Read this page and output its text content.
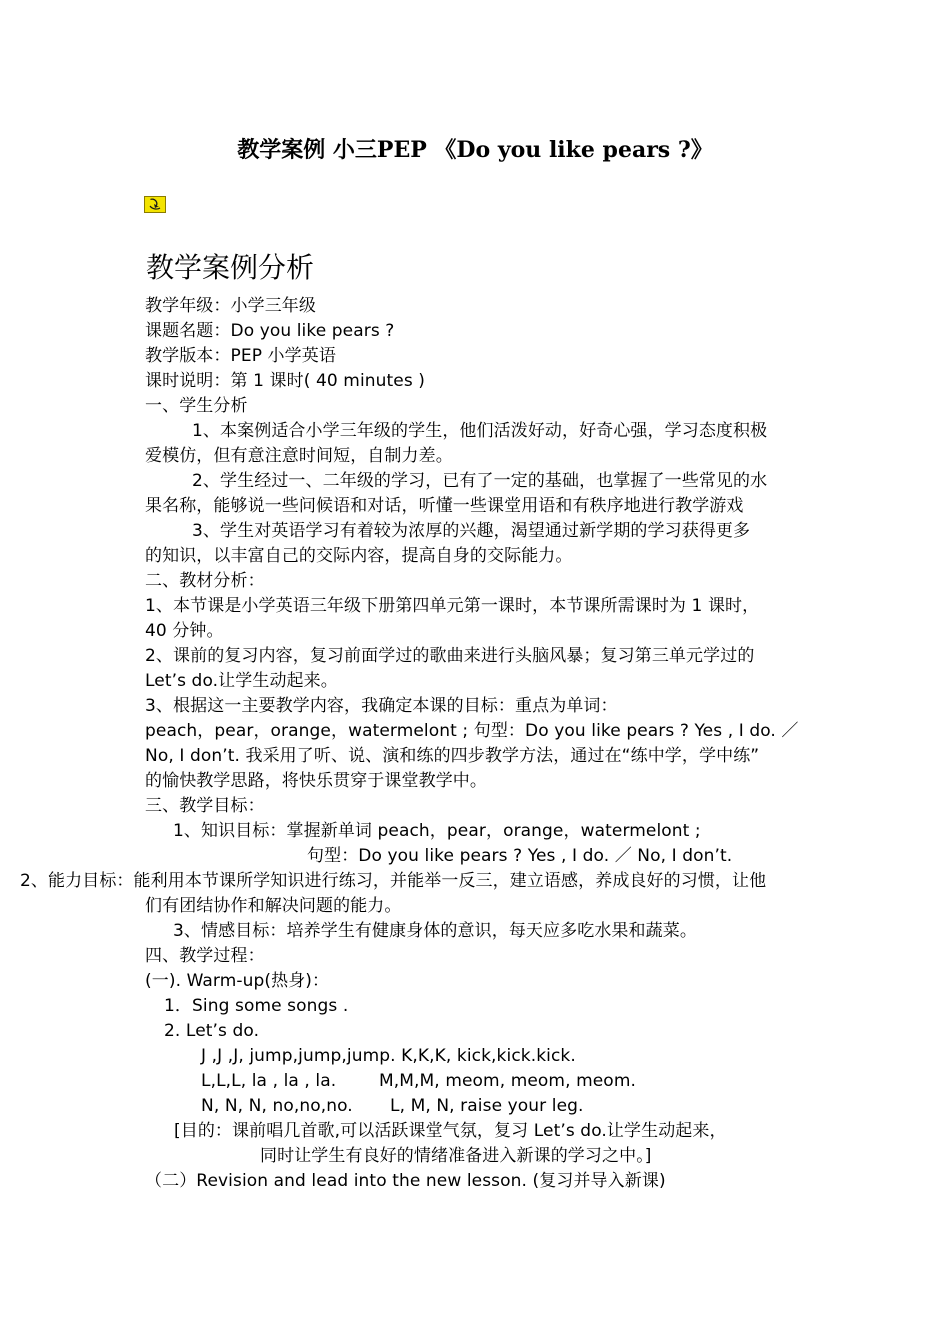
教学案例 小三PEP 《Do you like pears ?》
教学案例分析
教学年级：小学三年级
课题名题：Do you like pears ?
教学版本：PEP 小学英语
课时说明：第 1 课时( 40 minutes )
一、学生分析
1、本案例适合小学三年级的学生，他们活泼好动，好奇心强，学习态度积极
爱模仿，但有意注意时间短，自制力差。
2、学生经过一、二年级的学习，已有了一定的基础，也掌握了一些常见的水
果名称，能够说一些问候语和对话，听懂一些课堂用语和有秩序地进行教学游戏
3、学生对英语学习有着较为浓厚的兴趣，渴望通过新学期的学习获得更多
的知识，以丰富自己的交际内容，提高自身的交际能力。
二、教材分析：
1、本节课是小学英语三年级下册第四单元第一课时，本节课所需课时为 1 课时，
40 分钟。
2、课前的复习内容，复习前面学过的歌曲来进行头脑风暴；复习第三单元学过的
Let’s do.让学生动起来。
3、根据这一主要教学内容，我确定本课的目标：重点为单词：
peach，pear，orange，watermelont ; 句型：Do you like pears ? Yes , I do. ／
No, I don’t. 我采用了听、说、演和练的四步教学方法，通过在“练中学，学中练”
的愉快教学思路，将快乐贯穿于课堂教学中。
三、教学目标：
1、知识目标：掌握新单词 peach，pear，orange，watermelont ;
句型：Do you like pears ? Yes , I do. ／ No, I don’t.
2、能力目标：能利用本节课所学知识进行练习，并能举一反三，建立语感，养成良好的习惯，让他
们有团结协作和解决问题的能力。
3、情感目标：培养学生有健康身体的意识，每天应多吃水果和蔬菜。
四、教学过程：
(一). Warm-up(热身)：
1．Sing some songs .
2. Let’s do.
J ,J ,J, jump,jump,jump. K,K,K, kick,kick.kick.
L,L,L, la , la , la.	M,M,M, meom, meom, meom.
N, N, N, no,no,no. L, M, N, raise your leg.
[目的：课前唱几首歌,可以活跃课堂气氛，复习 Let’s do.让学生动起来，
同时让学生有良好的情绪准备进入新课的学习之中。]
（二）Revision and lead into the new lesson. (复习并导入新课)
